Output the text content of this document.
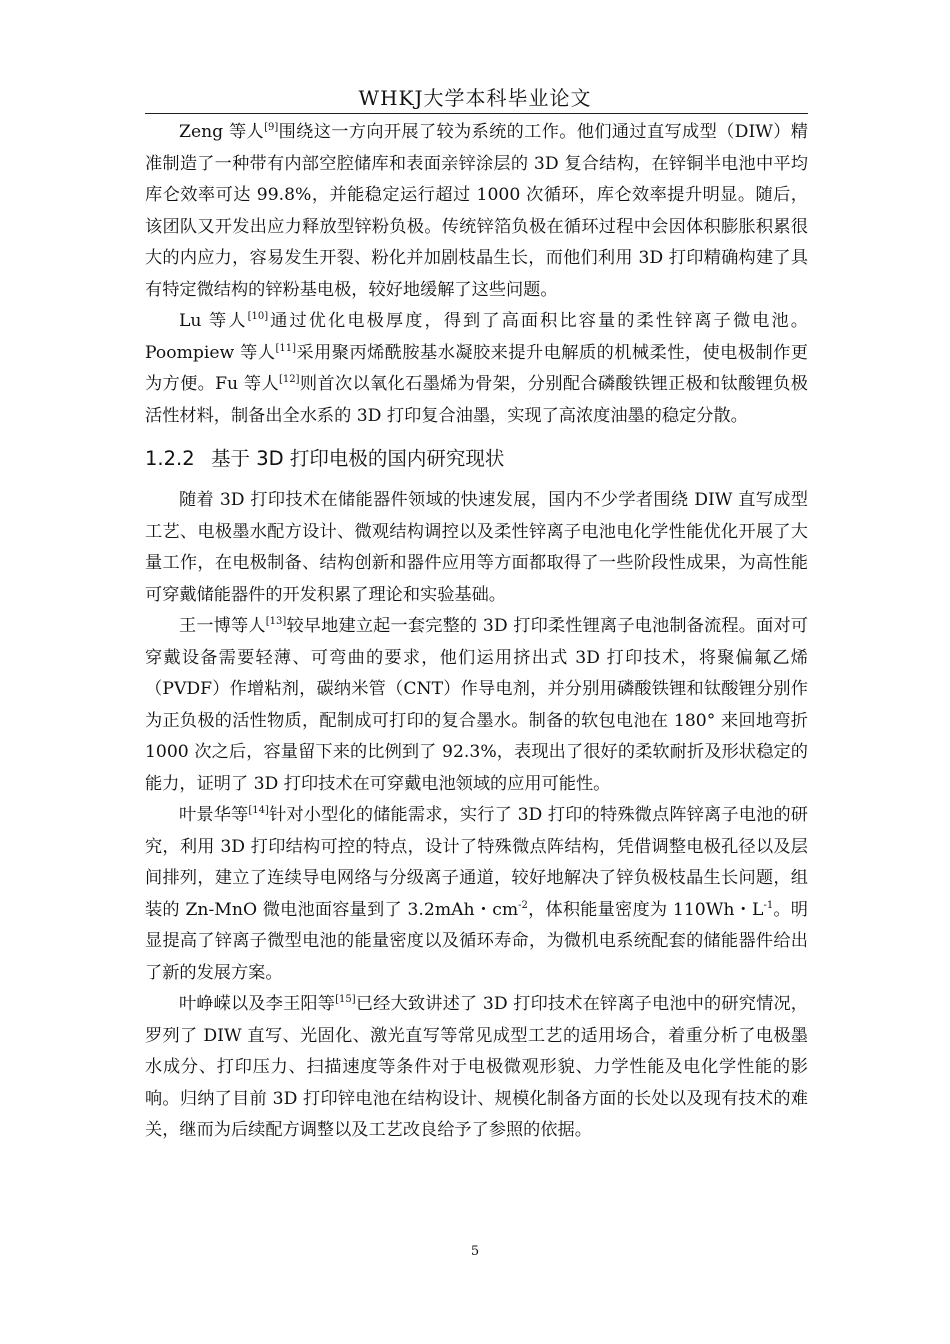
WHKJ大学本科毕业论文

Zeng 等人[9]围绕这一方向开展了较为系统的工作。他们通过直写成型（DIW）精准制造了一种带有内部空腔储库和表面亲锌涂层的 3D 复合结构，在锌铜半电池中平均库仑效率可达 99.8%，并能稳定运行超过 1000 次循环，库仑效率提升明显。随后，该团队又开发出应力释放型锌粉负极。传统锌箔负极在循环过程中会因体积膨胀积累很大的内应力，容易发生开裂、粉化并加剧枝晶生长，而他们利用 3D 打印精确构建了具有特定微结构的锌粉基电极，较好地缓解了这些问题。

Lu 等人[10]通过优化电极厚度，得到了高面积比容量的柔性锌离子微电池。Poompiew 等人[11]采用聚丙烯酰胺基水凝胶来提升电解质的机械柔性，使电极制作更为方便。Fu 等人[12]则首次以氧化石墨烯为骨架，分别配合磷酸铁锂正极和钛酸锂负极活性材料，制备出全水系的 3D 打印复合油墨，实现了高浓度油墨的稳定分散。

1.2.2 基于 3D 打印电极的国内研究现状

随着 3D 打印技术在储能器件领域的快速发展，国内不少学者围绕 DIW 直写成型工艺、电极墨水配方设计、微观结构调控以及柔性锌离子电池电化学性能优化开展了大量工作，在电极制备、结构创新和器件应用等方面都取得了一些阶段性成果，为高性能可穿戴储能器件的开发积累了理论和实验基础。

王一博等人[13]较早地建立起一套完整的 3D 打印柔性锂离子电池制备流程。面对可穿戴设备需要轻薄、可弯曲的要求，他们运用挤出式 3D 打印技术，将聚偏氟乙烯（PVDF）作增粘剂，碳纳米管（CNT）作导电剂，并分别用磷酸铁锂和钛酸锂分别作为正负极的活性物质，配制成可打印的复合墨水。制备的软包电池在 180° 来回地弯折 1000 次之后，容量留下来的比例到了 92.3%，表现出了很好的柔软耐折及形状稳定的能力，证明了 3D 打印技术在可穿戴电池领域的应用可能性。

叶景华等[14]针对小型化的储能需求，实行了 3D 打印的特殊微点阵锌离子电池的研究，利用 3D 打印结构可控的特点，设计了特殊微点阵结构，凭借调整电极孔径以及层间排列，建立了连续导电网络与分级离子通道，较好地解决了锌负极枝晶生长问题，组装的 Zn-MnO 微电池面容量到了 3.2mAh・$cm^{-2}$，体积能量密度为 110Wh・$L^{-1}$。明显提高了锌离子微型电池的能量密度以及循环寿命，为微机电系统配套的储能器件给出了新的发展方案。

叶峥嵘以及李王阳等[15]已经大致讲述了 3D 打印技术在锌离子电池中的研究情况，罗列了 DIW 直写、光固化、激光直写等常见成型工艺的适用场合，着重分析了电极墨水成分、打印压力、扫描速度等条件对于电极微观形貌、力学性能及电化学性能的影响。归纳了目前 3D 打印锌电池在结构设计、规模化制备方面的长处以及现有技术的难关，继而为后续配方调整以及工艺改良给予了参照的依据。

5
